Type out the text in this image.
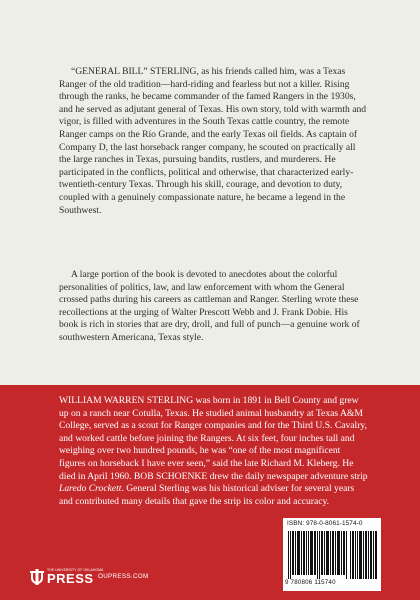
“GENERAL BILL” STERLING, as his friends called him, was a Texas Ranger of the old tradition—hard-riding and fearless but not a killer. Rising through the ranks, he became commander of the famed Rangers in the 1930s, and he served as adjutant general of Texas. His own story, told with warmth and vigor, is filled with adventures in the South Texas cattle country, the remote Ranger camps on the Río Grande, and the early Texas oil fields. As captain of Company D, the last horseback ranger company, he scouted on practically all the large ranches in Texas, pursuing bandits, rustlers, and murderers. He participated in the conflicts, political and otherwise, that characterized early-twentieth-century Texas. Through his skill, courage, and devotion to duty, coupled with a genuinely compassionate nature, he became a legend in the Southwest.

A large portion of the book is devoted to anecdotes about the colorful personalities of politics, law, and law enforcement with whom the General crossed paths during his careers as cattleman and Ranger. Sterling wrote these recollections at the urging of Walter Prescott Webb and J. Frank Dobie. His book is rich in stories that are dry, droll, and full of punch—a genuine work of southwestern Americana, Texas style.

WILLIAM WARREN STERLING was born in 1891 in Bell County and grew up on a ranch near Cotulla, Texas. He studied animal husbandry at Texas A&M College, served as a scout for Ranger companies and for the Third U.S. Cavalry, and worked cattle before joining the Rangers. At six feet, four inches tall and weighing over two hundred pounds, he was “one of the most magnificent figures on horseback I have ever seen,” said the late Richard M. Kleberg. He died in April 1960. BOB SCHOENKE drew the daily newspaper adventure strip Laredo Crockett. General Sterling was his historical adviser for several years and contributed many details that gave the strip its color and accuracy.

ISBN: 978-0-8061-1574-0
9 780806 115740
THE UNIVERSITY OF OKLAHOMA
PRESS OUPRESS.COM
